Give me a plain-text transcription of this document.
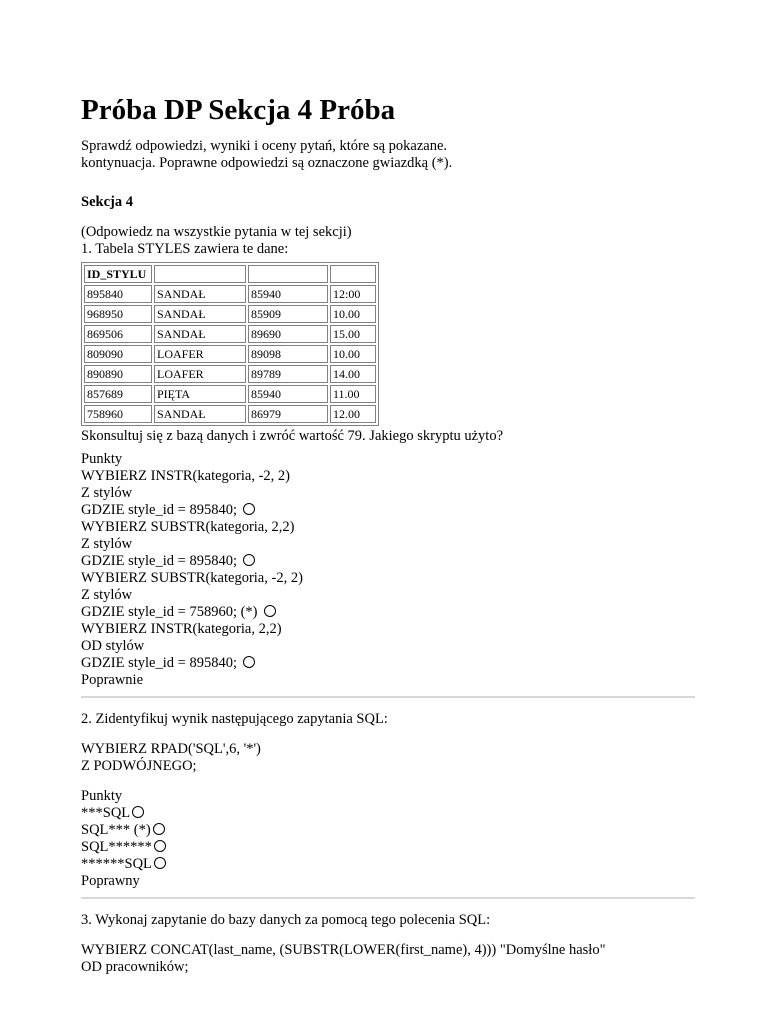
Próba DP Sekcja 4 Próba

Sprawdź odpowiedzi, wyniki i oceny pytań, które są pokazane.

kontynuacja. Poprawne odpowiedzi są oznaczone gwiazdką (*).

Sekcja 4
(Odpowiedz na wszystkie pytania w tej sekcji)
1. Tabela STYLES zawiera te dane:
ID_STYLU			
895840	SANDAŁ	85940	12:00
968950	SANDAŁ	85909	10.00
869506	SANDAŁ	89690	15.00
809090	LOAFER	89098	10.00
890890	LOAFER	89789	14.00
857689	PIĘTA	85940	11.00
758960	SANDAŁ	86979	12.00
Skonsultuj się z bazą danych i zwróć wartość 79. Jakiego skryptu użyto?
Punkty
WYBIERZ INSTR(kategoria, -2, 2)
Z stylów
GDZIE style_id = 895840;
WYBIERZ SUBSTR(kategoria, 2,2)
Z stylów
GDZIE style_id = 895840;
WYBIERZ SUBSTR(kategoria, -2, 2)
Z stylów
GDZIE style_id = 758960; (*)
WYBIERZ INSTR(kategoria, 2,2)
OD stylów
GDZIE style_id = 895840;
Poprawnie
2. Zidentyfikuj wynik następującego zapytania SQL:
WYBIERZ RPAD('SQL',6, '*')
Z PODWÓJNEGO;
Punkty
***SQL
SQL*** (*)
SQL******
******SQL
Poprawny
3. Wykonaj zapytanie do bazy danych za pomocą tego polecenia SQL:
WYBIERZ CONCAT(last_name, (SUBSTR(LOWER(first_name), 4))) "Domyślne hasło"
OD pracowników;
